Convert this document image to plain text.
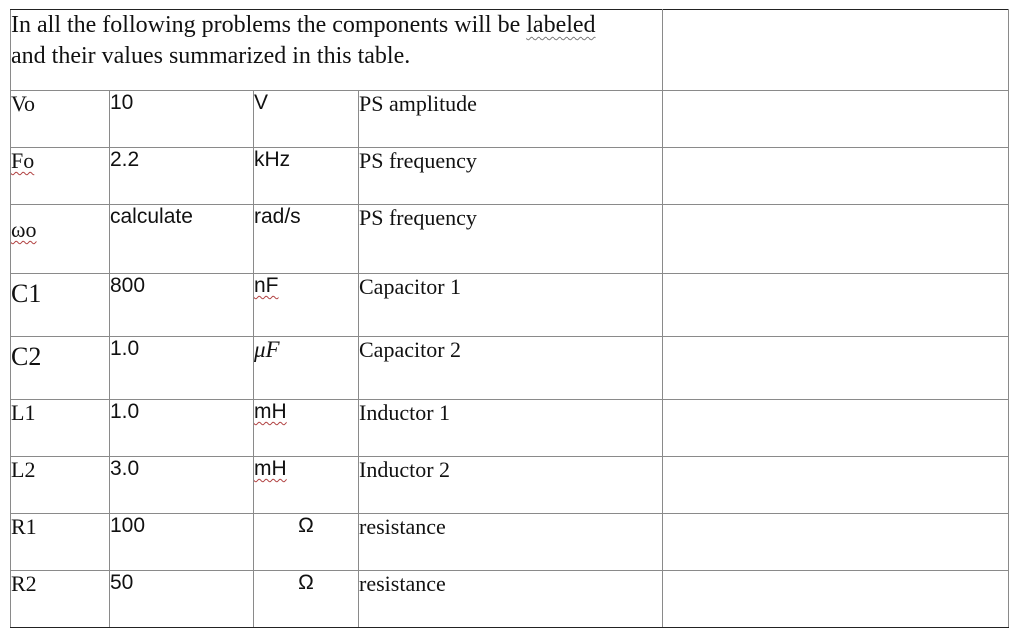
In all the following problems the components will be labeled
and their values summarized in this table.				
Vo	10	V	PS amplitude	
Fo	2.2	kHz	PS frequency	
ωo	calculate	rad/s	PS frequency	
C1	800	nF	Capacitor 1	
C2	1.0	μF	Capacitor 2	
L1	1.0	mH	Inductor 1	
L2	3.0	mH	Inductor 2	
R1	100	Ω	resistance	
R2	50	Ω	resistance	
